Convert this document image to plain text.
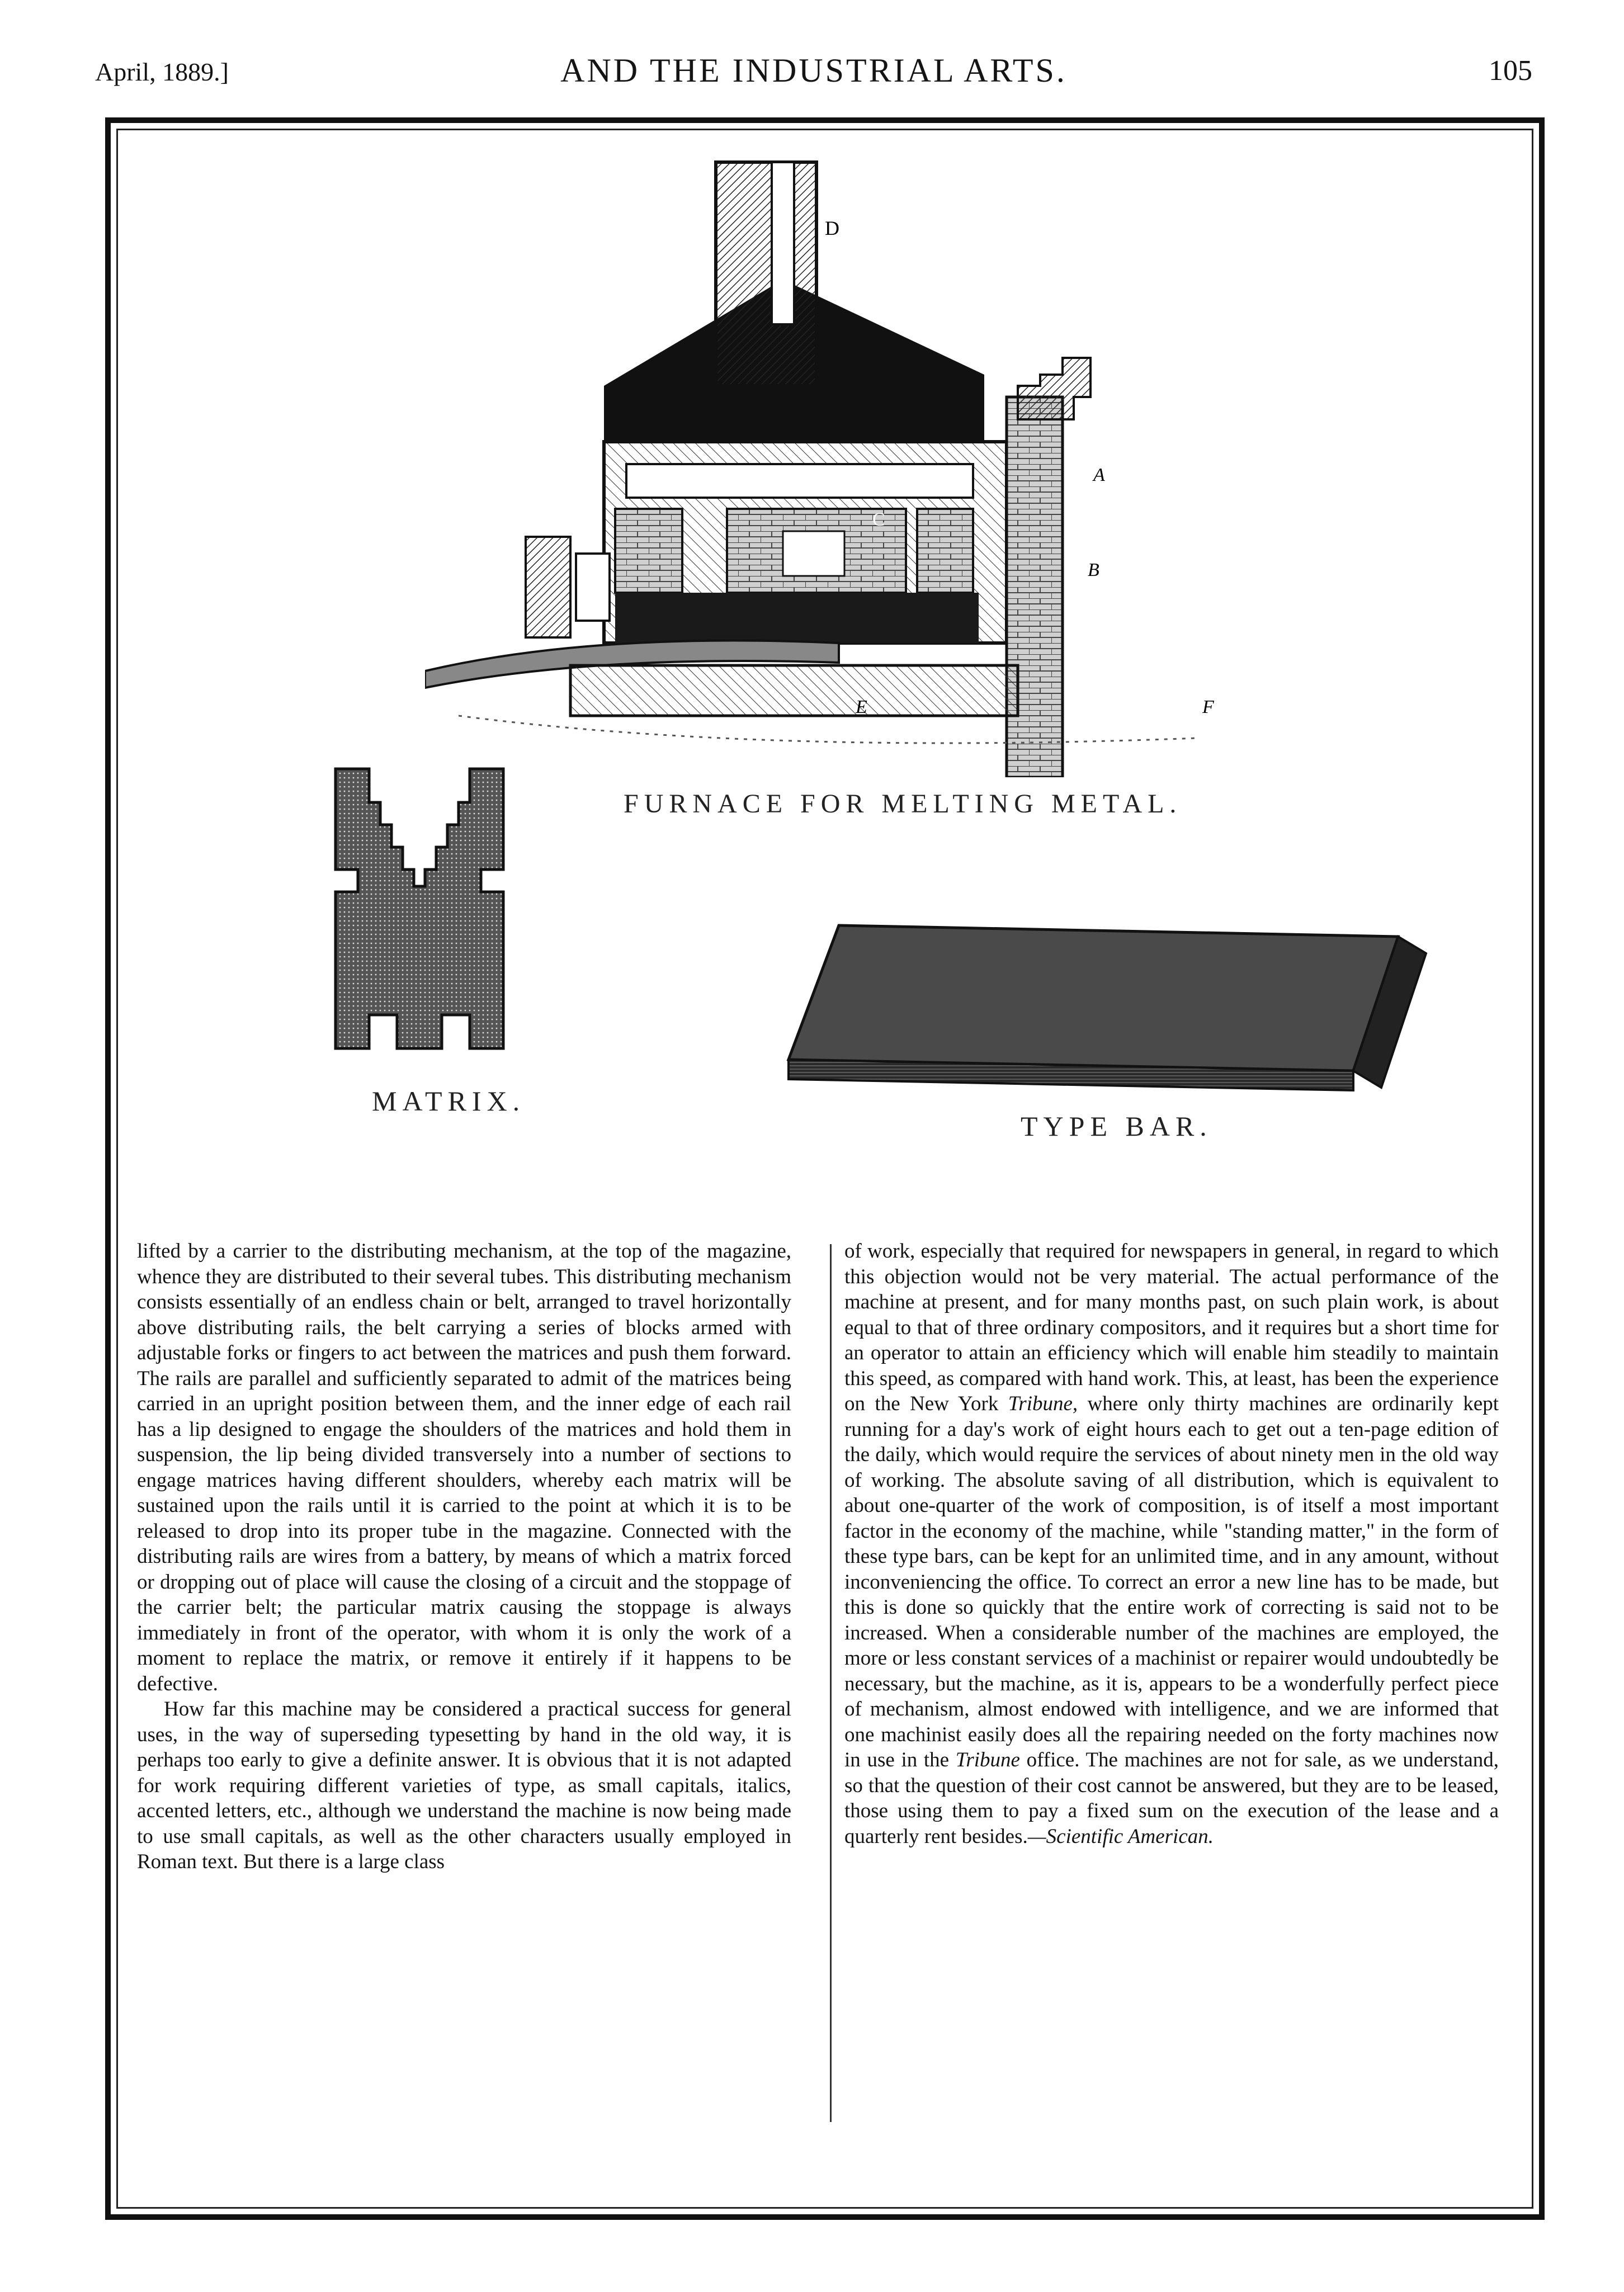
April, 1889.]	AND THE INDUSTRIAL ARTS.	105
D
C
A
B
E	F
FURNACE FOR MELTING METAL.
MATRIX.
TYPE BAR.

lifted by a carrier to the distributing mechanism, at the top of the magazine, whence they are distributed to their several tubes. This distributing mechanism consists essentially of an endless chain or belt, arranged to travel horizontally above distributing rails, the belt carrying a series of blocks armed with adjustable forks or fingers to act between the matrices and push them forward. The rails are parallel and sufficiently separated to admit of the matrices being carried in an upright position between them, and the inner edge of each rail has a lip designed to engage the shoulders of the matrices and hold them in suspension, the lip being divided transversely into a number of sections to engage matrices having different shoulders, whereby each matrix will be sustained upon the rails until it is carried to the point at which it is to be released to drop into its proper tube in the magazine. Connected with the distributing rails are wires from a battery, by means of which a matrix forced or dropping out of place will cause the closing of a circuit and the stoppage of the carrier belt; the particular matrix causing the stoppage is always immediately in front of the operator, with whom it is only the work of a moment to replace the matrix, or remove it entirely if it happens to be defective.

How far this machine may be considered a practical success for general uses, in the way of superseding typesetting by hand in the old way, it is perhaps too early to give a definite answer. It is obvious that it is not adapted for work requiring different varieties of type, as small capitals, italics, accented letters, etc., although we understand the machine is now being made to use small capitals, as well as the other characters usually employed in Roman text. But there is a large class

of work, especially that required for newspapers in general, in regard to which this objection would not be very material. The actual performance of the machine at present, and for many months past, on such plain work, is about equal to that of three ordinary compositors, and it requires but a short time for an operator to attain an efficiency which will enable him steadily to maintain this speed, as compared with hand work. This, at least, has been the experience on the New York Tribune, where only thirty machines are ordinarily kept running for a day's work of eight hours each to get out a ten-page edition of the daily, which would require the services of about ninety men in the old way of working. The absolute saving of all distribution, which is equivalent to about one-quarter of the work of composition, is of itself a most important factor in the economy of the machine, while "standing matter," in the form of these type bars, can be kept for an unlimited time, and in any amount, without inconveniencing the office. To correct an error a new line has to be made, but this is done so quickly that the entire work of correcting is said not to be increased. When a considerable number of the machines are employed, the more or less constant services of a machinist or repairer would undoubtedly be necessary, but the machine, as it is, appears to be a wonderfully perfect piece of mechanism, almost endowed with intelligence, and we are informed that one machinist easily does all the repairing needed on the forty machines now in use in the Tribune office. The machines are not for sale, as we understand, so that the question of their cost cannot be answered, but they are to be leased, those using them to pay a fixed sum on the execution of the lease and a quarterly rent besides.—Scientific American.
